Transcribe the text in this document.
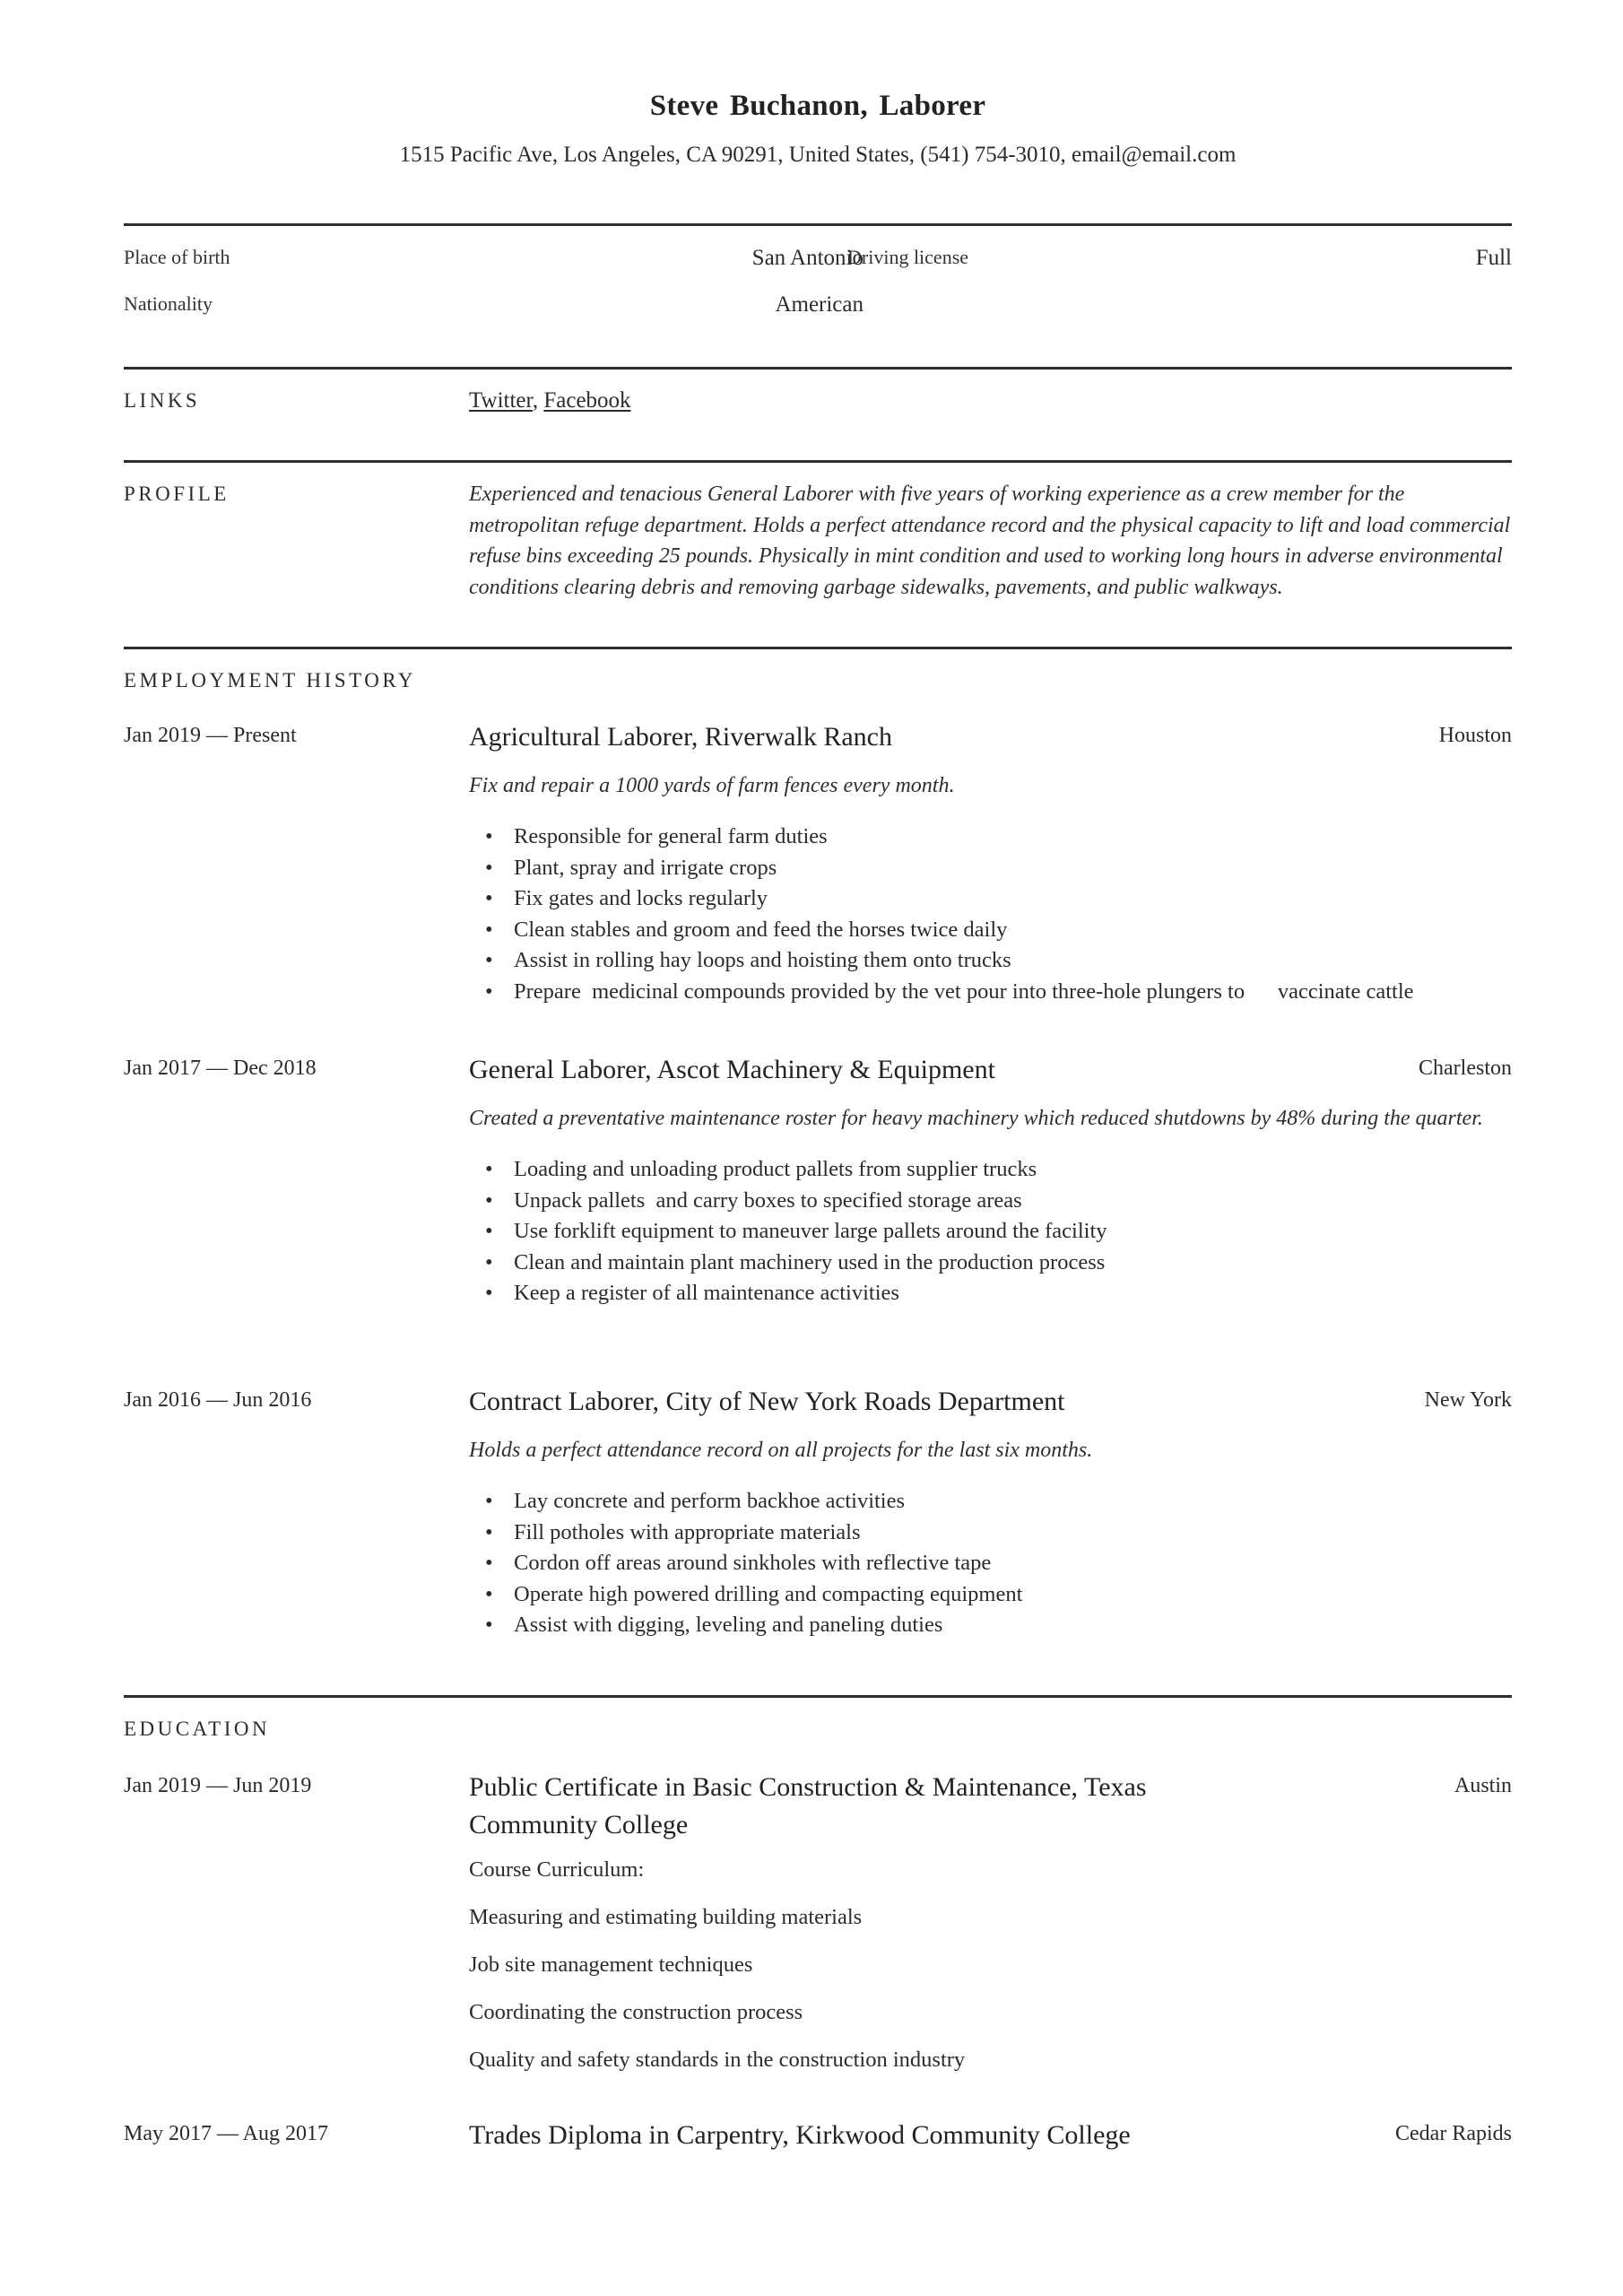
Steve Buchanon, Laborer
1515 Pacific Ave, Los Angeles, CA 90291, United States, (541) 754-3010, email@email.com
Place of birth	San Antonio
Nationality	American
Driving license	Full
LINKS	Twitter, Facebook
PROFILE	Experienced and tenacious General Laborer with five years of working experience as a crew member for the metropolitan refuge department. Holds a perfect attendance record and the physical capacity to lift and load commercial refuse bins exceeding 25 pounds. Physically in mint condition and used to working long hours in adverse environmental conditions clearing debris and removing garbage sidewalks, pavements, and public walkways.
EMPLOYMENT HISTORY
Jan 2019 — Present	Houston
Agricultural Laborer, Riverwalk Ranch
Fix and repair a 1000 yards of farm fences every month.
• Responsible for general farm duties
• Plant, spray and irrigate crops
• Fix gates and locks regularly
• Clean stables and groom and feed the horses twice daily
• Assist in rolling hay loops and hoisting them onto trucks
• Prepare  medicinal compounds provided by the vet pour into three-hole plungers to      vaccinate cattle
Jan 2017 — Dec 2018	Charleston
General Laborer, Ascot Machinery & Equipment
Created a preventative maintenance roster for heavy machinery which reduced shutdowns by 48% during the quarter.
• Loading and unloading product pallets from supplier trucks
• Unpack pallets  and carry boxes to specified storage areas
• Use forklift equipment to maneuver large pallets around the facility
• Clean and maintain plant machinery used in the production process
• Keep a register of all maintenance activities
Jan 2016 — Jun 2016	New York
Contract Laborer, City of New York Roads Department
Holds a perfect attendance record on all projects for the last six months.
• Lay concrete and perform backhoe activities
• Fill potholes with appropriate materials
• Cordon off areas around sinkholes with reflective tape
• Operate high powered drilling and compacting equipment
• Assist with digging, leveling and paneling duties
EDUCATION
Jan 2019 — Jun 2019	Austin
Public Certificate in Basic Construction & Maintenance, Texas Community College

Course Curriculum:

Measuring and estimating building materials

Job site management techniques

Coordinating the construction process

Quality and safety standards in the construction industry

May 2017 — Aug 2017	Cedar Rapids
Trades Diploma in Carpentry, Kirkwood Community College
